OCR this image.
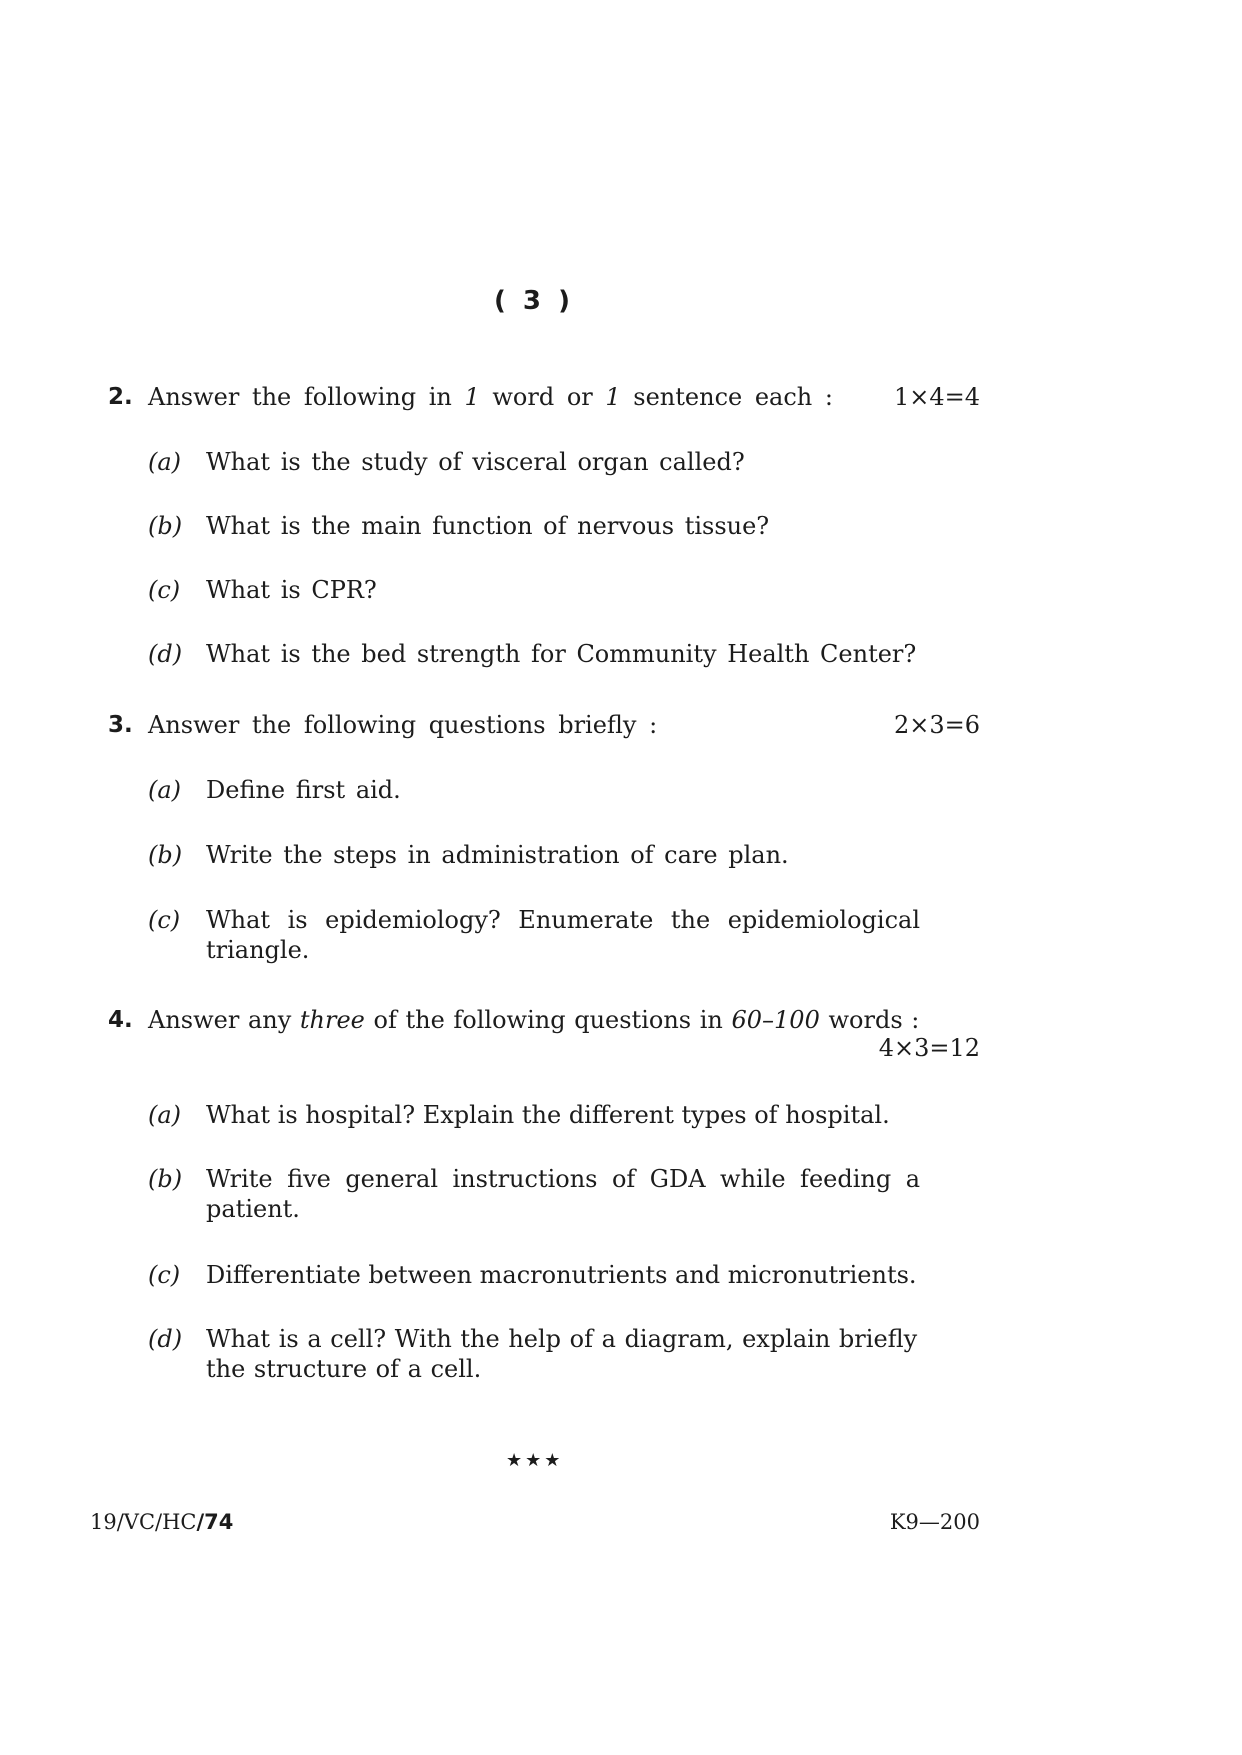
( 3 )
2. Answer the following in 1 word or 1 sentence each :	1×4=4
(a) What is the study of visceral organ called?
(b) What is the main function of nervous tissue?
(c) What is CPR?
(d) What is the bed strength for Community Health Center?
3. Answer the following questions briefly :	2×3=6
(a) Define first aid.
(b) Write the steps in administration of care plan.
(c) What is epidemiology? Enumerate the epidemiological triangle.
4. Answer any three of the following questions in 60–100 words :
4×3=12
(a) What is hospital? Explain the different types of hospital.
(b) Write five general instructions of GDA while feeding a patient.
(c) Differentiate between macronutrients and micronutrients.
(d) What is a cell? With the help of a diagram, explain briefly the structure of a cell.
★★★
19/VC/HC/74	K9—200
